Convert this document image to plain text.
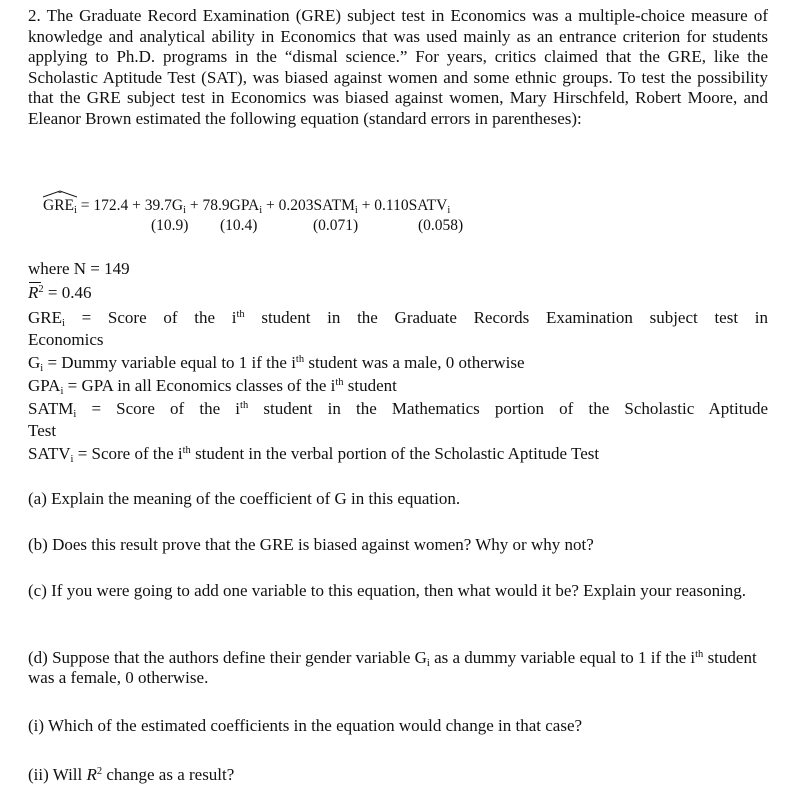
2. The Graduate Record Examination (GRE) subject test in Economics was a multiple-choice measure of knowledge and analytical ability in Economics that was used mainly as an entrance criterion for students applying to Ph.D. programs in the “dismal science.” For years, critics claimed that the GRE, like the Scholastic Aptitude Test (SAT), was biased against women and some ethnic groups. To test the possibility that the GRE subject test in Economics was biased against women, Mary Hirschfeld, Robert Moore, and Eleanor Brown estimated the following equation (standard errors in parentheses):
$GRE_i = 172.4 + 39.7G_i + 78.9GPA_i$ + $0.203SATM_i$ + $0.110SATV_i$
(10.9) (10.4)	(0.071)	(0.058)
where N = 149
$R^2 = 0.46$
$GRE_i$ = Score of the $i^{th}$ student in the Graduate Records Examination subject test in
Economics
$G_i$ = Dummy variable equal to 1 if the $i^{th}$ student was a male, 0 otherwise
$GPA_i$ = GPA in all Economics classes of the $i^{th}$ student
$SATM_i$ = Score of the $i^{th}$ student in the Mathematics portion of the Scholastic Aptitude
Test
$SATV_i$ = Score of the $i^{th}$ student in the verbal portion of the Scholastic Aptitude Test
(a) Explain the meaning of the coefficient of G in this equation.
(b) Does this result prove that the GRE is biased against women? Why or why not?
(c) If you were going to add one variable to this equation, then what would it be? Explain your reasoning.
(d) Suppose that the authors define their gender variable $G_i$ as a dummy variable equal to 1 if the $i^{th}$ student was a female, 0 otherwise.
(i) Which of the estimated coefficients in the equation would change in that case?
(ii) Will $R^2$ change as a result?
